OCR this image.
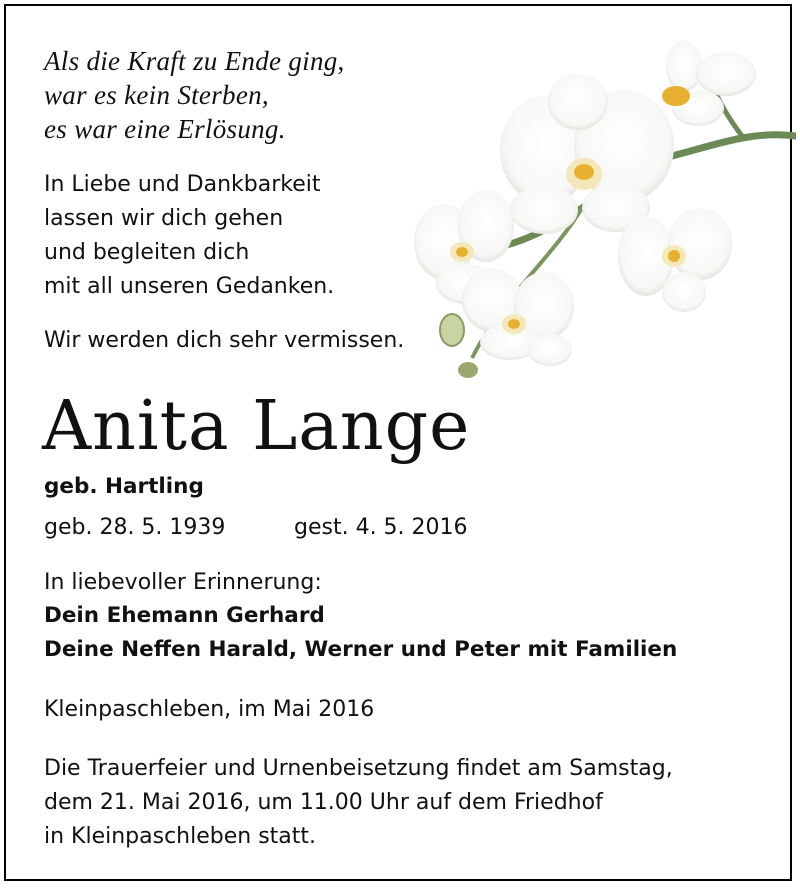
Als die Kraft zu Ende ging,
war es kein Sterben,
es war eine Erlösung.
In Liebe und Dankbarkeit
lassen wir dich gehen
und begleiten dich
mit all unseren Gedanken.
Wir werden dich sehr vermissen.
Anita Lange
geb. Hartling
geb. 28. 5. 1939	gest. 4. 5. 2016
In liebevoller Erinnerung:
Dein Ehemann Gerhard
Deine Neffen Harald, Werner und Peter mit Familien
Kleinpaschleben, im Mai 2016
Die Trauerfeier und Urnenbeisetzung findet am Samstag,
dem 21. Mai 2016, um 11.00 Uhr auf dem Friedhof
in Kleinpaschleben statt.
